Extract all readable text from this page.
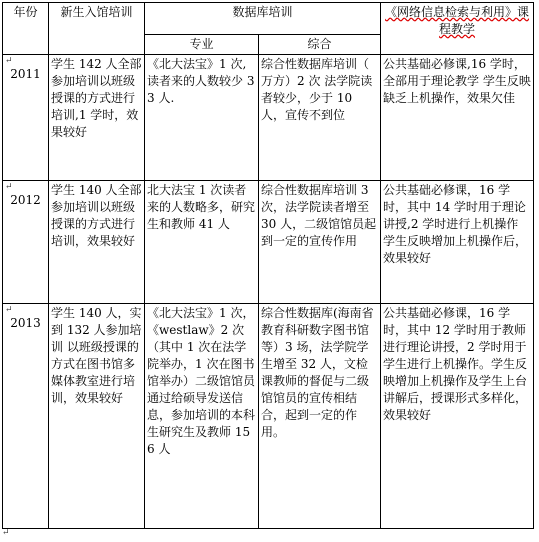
年份	新生入馆培训	数据库培训		《网络信息检索与利用》课程教学
		专业	综合	

↵
2011	学生 142 人全部参加培训以班级授课的方式进行培训,1 学时，效果较好	《北大法宝》1 次,读者来的人数较少 33 人.	综合性数据库培训（ 万方）2 次 法学院读者较少，少于 10 人，宣传不到位	公共基础必修课,16 学时，全部用于理论教学 学生反映缺乏上机操作，效果欠佳

↵
2012	学生 140 人全部参加培训以班级授课的方式进行培训，效果较好	北大法宝 1 次读者来的人数略多，研究生和教师 41 人	综合性数据库培训 3 次，法学院读者增至 30 人，二级馆馆员起到一定的宣传作用	公共基础必修课，16 学时，其中 14 学时用于理论讲授,2 学时进行上机操作 学生反映增加上机操作后，效果较好

↵
2013	学生 140 人，实到 132 人参加培训 以班级授课的方式在图书馆多媒体教室进行培训，效果较好	《北大法宝》1 次，《westlaw》2 次（其中 1 次在法学院举办，1 次在图书馆举办）二级馆馆员通过给硕导发送信息，参加培训的本科生研究生及教师 156 人	综合性数据库(海南省教育科研数字图书馆等）3 场，法学院学生增至 32 人，文检课教师的督促与二级馆馆员的宣传相结合，起到一定的作用。	公共基础必修课，16 学时，其中 12 学时用于教师进行理论讲授，2 学时用于学生进行上机操作。学生反映增加上机操作及学生上台讲解后，授课形式多样化，效果较好
↵
